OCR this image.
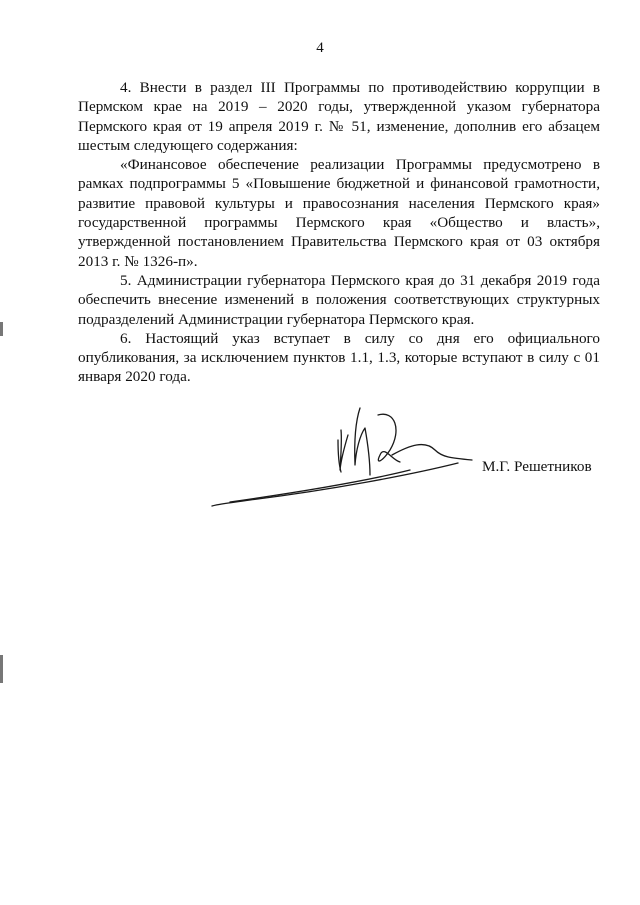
4

4. Внести в раздел III Программы по противодействию коррупции в Пермском крае на 2019 – 2020 годы, утвержденной указом губернатора Пермского края от 19 апреля 2019 г. № 51, изменение, дополнив его абзацем шестым следующего содержания:

«Финансовое обеспечение реализации Программы предусмотрено в рамках подпрограммы 5 «Повышение бюджетной и финансовой грамотности, развитие правовой культуры и правосознания населения Пермского края» государственной программы Пермского края «Общество и власть», утвержденной постановлением Правительства Пермского края от 03 октября 2013 г. № 1326-п».

5. Администрации губернатора Пермского края до 31 декабря 2019 года обеспечить внесение изменений в положения соответствующих структурных подразделений Администрации губернатора Пермского края.

6. Настоящий указ вступает в силу со дня его официального опубликования, за исключением пунктов 1.1, 1.3, которые вступают в силу с 01 января 2020 года.

М.Г. Решетников
